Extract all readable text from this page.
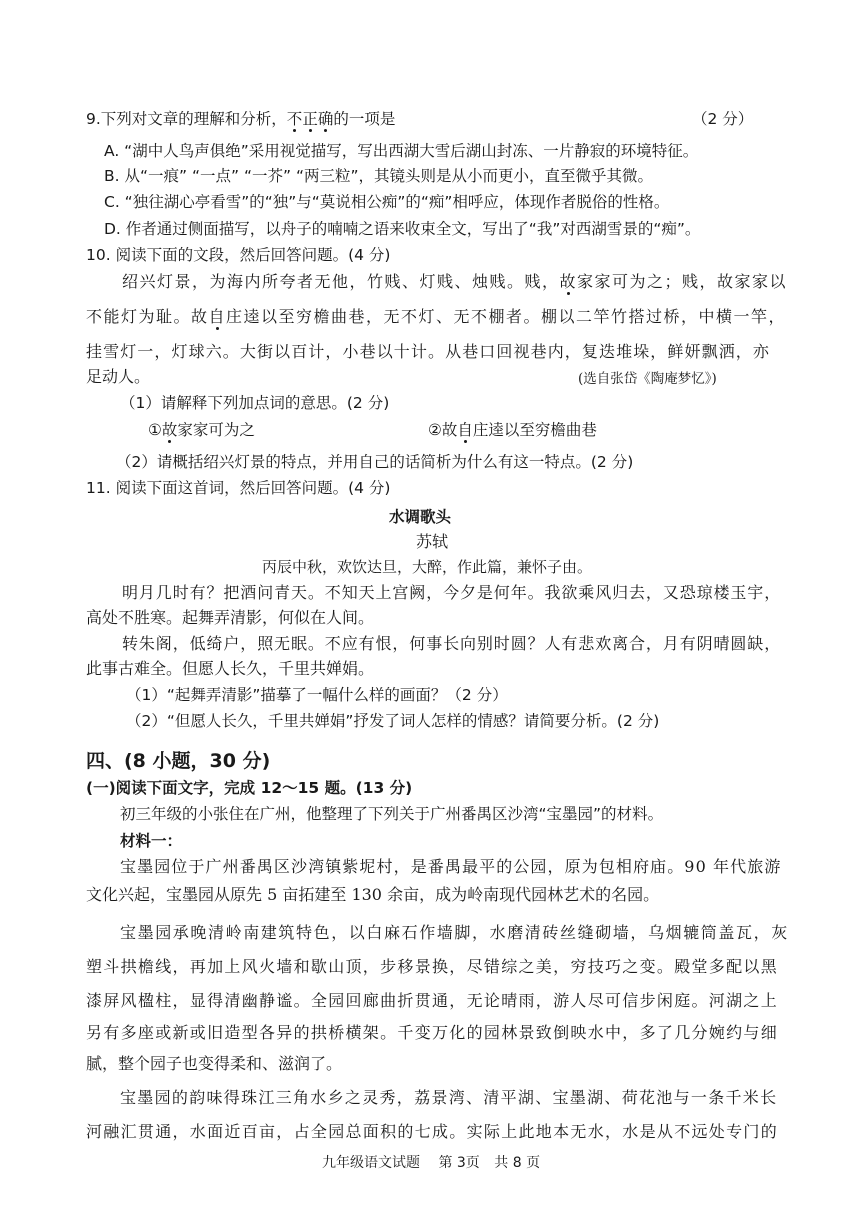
9.下列对文章的理解和分析，不正确的一项是	（2 分）
A. “湖中人鸟声俱绝”采用视觉描写，写出西湖大雪后湖山封冻、一片静寂的环境特征。
B. 从“一痕” “一点” “一芥” “两三粒”，其镜头则是从小而更小，直至微乎其微。
C. “独往湖心亭看雪”的“独”与“莫说相公痴”的“痴”相呼应，体现作者脱俗的性格。
D. 作者通过侧面描写，以舟子的喃喃之语来收束全文，写出了“我”对西湖雪景的“痴”。
10. 阅读下面的文段，然后回答问题。(4 分)
绍兴灯景，为海内所夸者无他，竹贱、灯贱、烛贱。贱，故家家可为之；贱，故家家以
不能灯为耻。故自庄逵以至穷檐曲巷，无不灯、无不棚者。棚以二竿竹搭过桥，中横一竿，
挂雪灯一，灯球六。大街以百计，小巷以十计。从巷口回视巷内，复迭堆垛，鲜妍飘洒，亦
足动人。	(选自张岱《陶庵梦忆》)
（1）请解释下列加点词的意思。(2 分)
①故家家可为之	②故自庄逵以至穷檐曲巷
（2）请概括绍兴灯景的特点，并用自己的话简析为什么有这一特点。(2 分)
11. 阅读下面这首词，然后回答问题。(4 分)
水调歌头
苏轼
丙辰中秋，欢饮达旦，大醉，作此篇，兼怀子由。
明月几时有？把酒问青天。不知天上宫阙，今夕是何年。我欲乘风归去，又恐琼楼玉宇，
高处不胜寒。起舞弄清影，何似在人间。
转朱阁，低绮户，照无眠。不应有恨，何事长向别时圆？人有悲欢离合，月有阴晴圆缺，
此事古难全。但愿人长久，千里共婵娟。
（1）“起舞弄清影”描摹了一幅什么样的画面？（2 分）
（2）“但愿人长久，千里共婵娟”抒发了词人怎样的情感？请简要分析。(2 分)
四、(8 小题，30 分)
(一)阅读下面文字，完成 12～15 题。(13 分)
初三年级的小张住在广州，他整理了下列关于广州番禺区沙湾“宝墨园”的材料。
材料一：
宝墨园位于广州番禺区沙湾镇紫坭村，是番禺最平的公园，原为包相府庙。90 年代旅游
文化兴起，宝墨园从原先 5 亩拓建至 130 余亩，成为岭南现代园林艺术的名园。
宝墨园承晚清岭南建筑特色，以白麻石作墙脚，水磨清砖丝缝砌墙，乌烟辘筒盖瓦，灰
塑斗拱檐线，再加上风火墙和歇山顶，步移景换，尽错综之美，穷技巧之变。殿堂多配以黑
漆屏风楹柱，显得清幽静谧。全园回廊曲折贯通，无论晴雨，游人尽可信步闲庭。河湖之上
另有多座或新或旧造型各异的拱桥横架。千变万化的园林景致倒映水中，多了几分婉约与细
腻，整个园子也变得柔和、滋润了。
宝墨园的韵味得珠江三角水乡之灵秀，荔景湾、清平湖、宝墨湖、荷花池与一条千米长
河融汇贯通，水面近百亩，占全园总面积的七成。实际上此地本无水，水是从不远处专门的
九年级语文试题 第 3页 共 8 页
